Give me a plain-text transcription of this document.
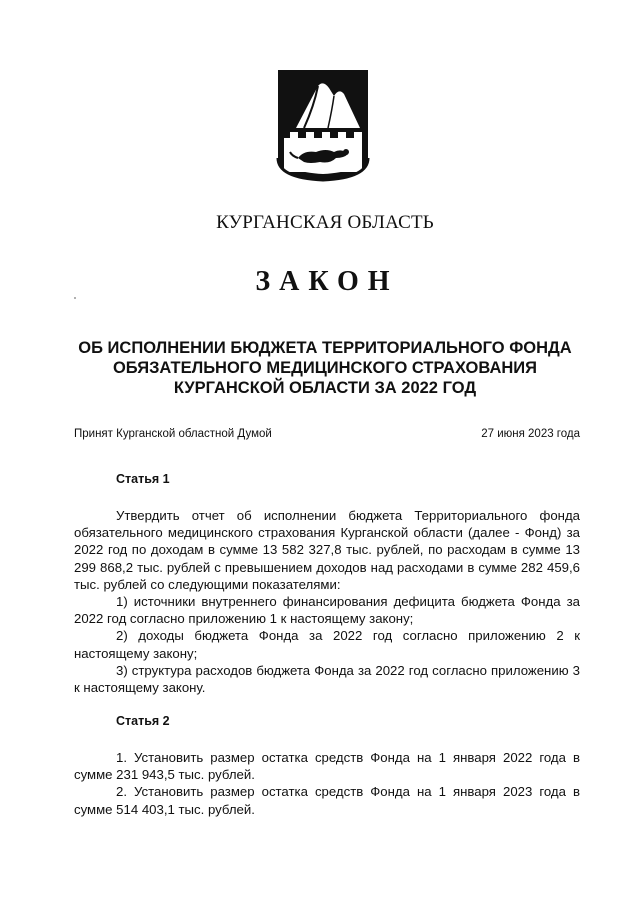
КУРГАНСКАЯ ОБЛАСТЬ
ЗАКОН
ОБ ИСПОЛНЕНИИ БЮДЖЕТА ТЕРРИТОРИАЛЬНОГО ФОНДА
ОБЯЗАТЕЛЬНОГО МЕДИЦИНСКОГО СТРАХОВАНИЯ
КУРГАНСКОЙ ОБЛАСТИ ЗА 2022 ГОД
Принят Курганской областной Думой	27 июня 2023 года
Статья 1

Утвердить отчет об исполнении бюджета Территориального фонда обязательного медицинского страхования Курганской области (далее - Фонд) за 2022 год по доходам в сумме 13 582 327,8 тыс. рублей, по расходам в сумме 13 299 868,2 тыс. рублей с превышением доходов над расходами в сумме 282 459,6 тыс. рублей со следующими показателями:

1) источники внутреннего финансирования дефицита бюджета Фонда за 2022 год согласно приложению 1 к настоящему закону;

2) доходы бюджета Фонда за 2022 год согласно приложению 2 к настоящему закону;

3) структура расходов бюджета Фонда за 2022 год согласно приложению 3 к настоящему закону.

Статья 2

1. Установить размер остатка средств Фонда на 1 января 2022 года в сумме 231 943,5 тыс. рублей.

2. Установить размер остатка средств Фонда на 1 января 2023 года в сумме 514 403,1 тыс. рублей.
